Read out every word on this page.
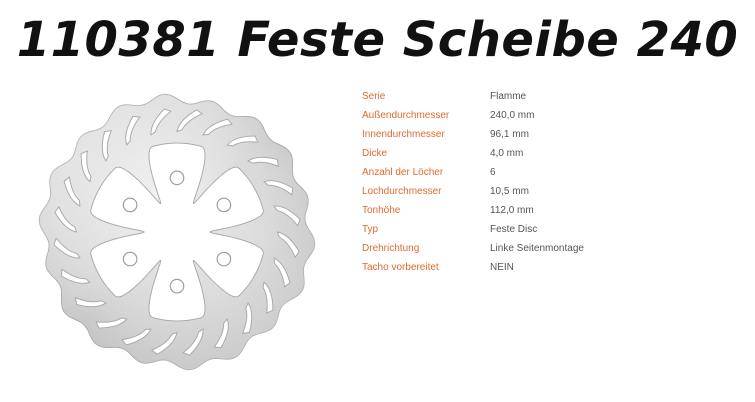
110381 Feste Scheibe 240
Serie	Flamme
Außendurchmesser	240,0 mm
Innendurchmesser	96,1 mm
Dicke	4,0 mm
Anzahl der Löcher	6
Lochdurchmesser	10,5 mm
Tonhöhe	112,0 mm
Typ	Feste Disc
Drehrichtung	Linke Seitenmontage
Tacho vorbereitet	NEIN
